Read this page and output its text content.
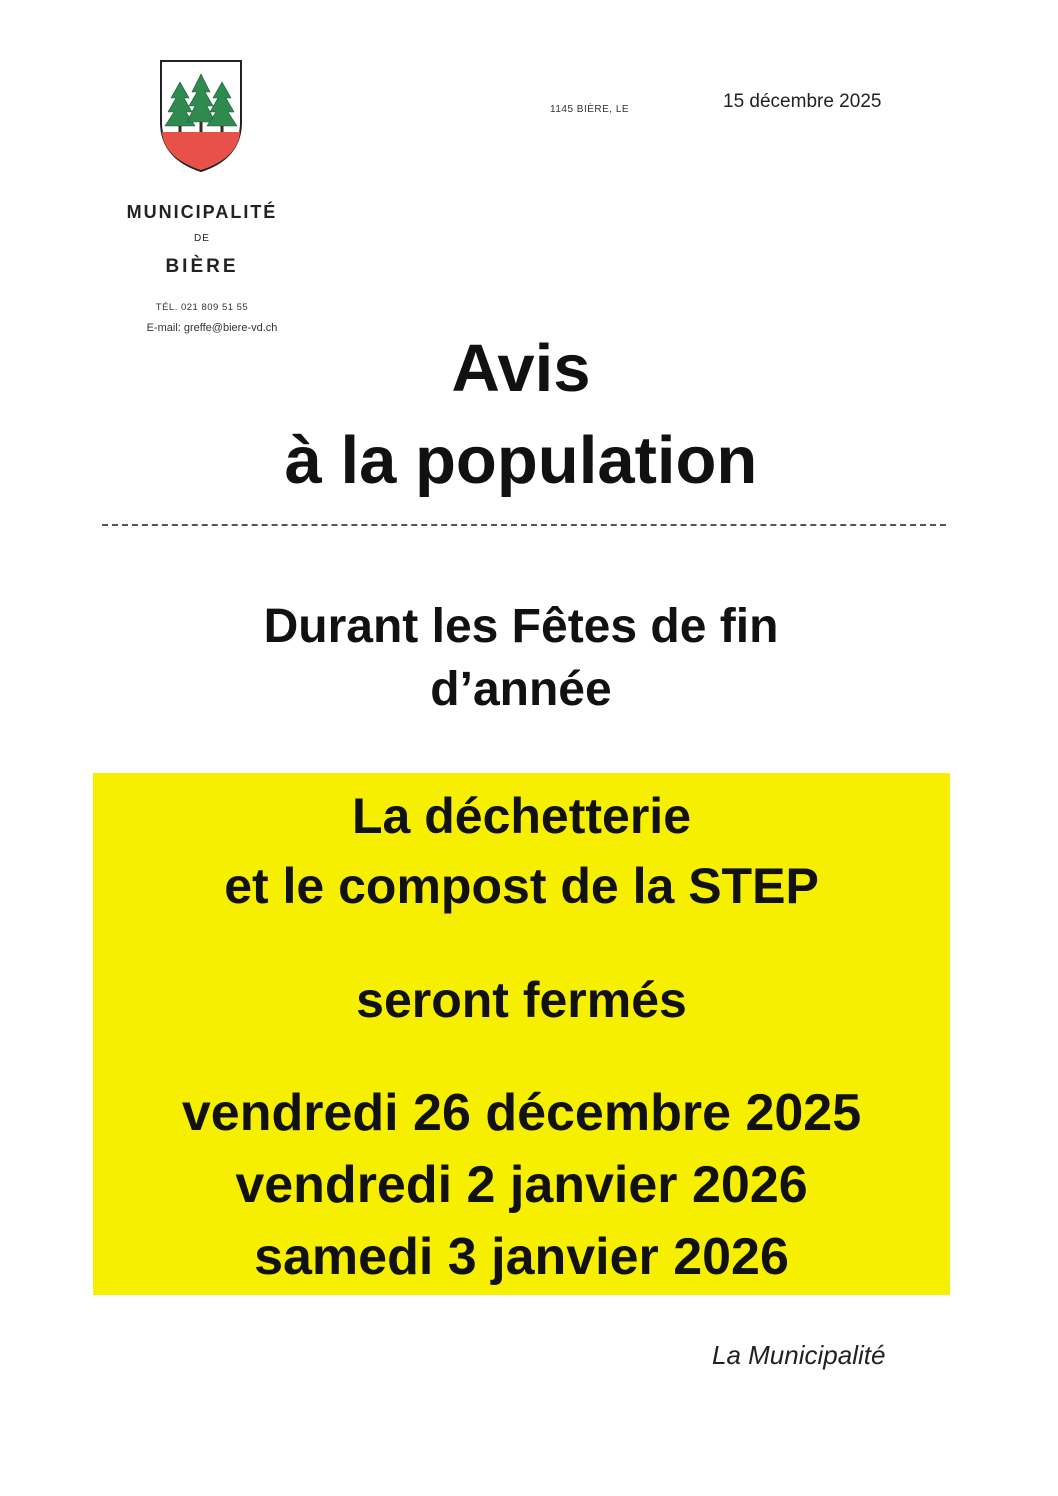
MUNICIPALITÉ
DE
BIÈRE
TÉL. 021 809 51 55
E-mail: greffe@biere-vd.ch
1145 BIÈRE, LE	15 décembre 2025
Avis
à la population
Durant les Fêtes de fin
d’année
La déchetterie
et le compost de la STEP
seront fermés
vendredi 26 décembre 2025
vendredi 2 janvier 2026
samedi 3 janvier 2026
La Municipalité
